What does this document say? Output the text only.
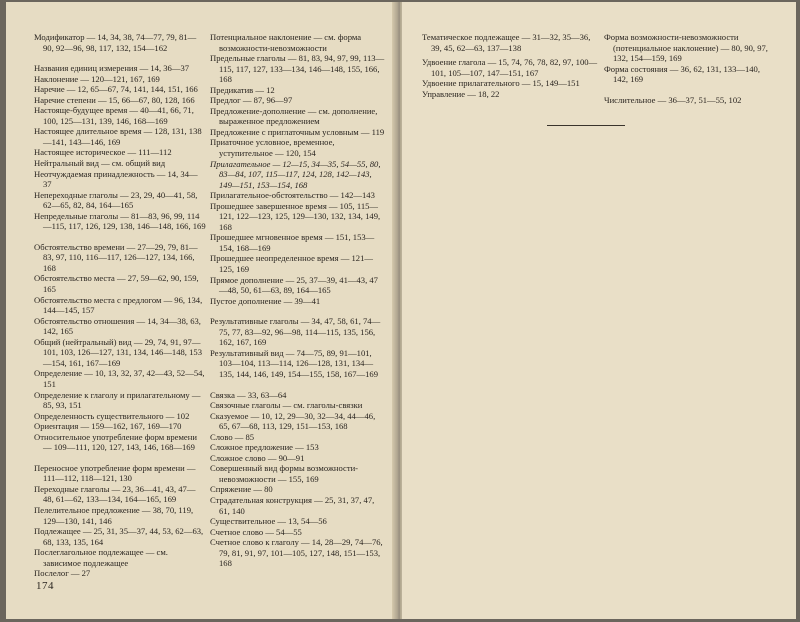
Модификатор — 14, 34, 38, 74—77, 79, 81—90, 92—96, 98, 117, 132, 154—162

Названия единиц измерения — 14, 36—37

Наклонение — 120—121, 167, 169

Наречие — 12, 65—67, 74, 141, 144, 151, 166

Наречие степени — 15, 66—67, 80, 128, 166

Настояще-будущее время — 40—41, 66, 71, 100, 125—131, 139, 146, 168—169

Настоящее длительное время — 128, 131, 138—141, 143—146, 169

Настоящее историческое — 111—112

Нейтральный вид — см. общий вид

Неотчуждаемая принадлежность — 14, 34—37

Непереходные глаголы — 23, 29, 40—41, 58, 62—65, 82, 84, 164—165

Непредельные глаголы — 81—83, 96, 99, 114—115, 117, 126, 129, 138, 146—148, 166, 169

Обстоятельство времени — 27—29, 79, 81—83, 97, 110, 116—117, 126—127, 134, 166, 168

Обстоятельство места — 27, 59—62, 90, 159, 165

Обстоятельство места с предлогом — 96, 134, 144—145, 157

Обстоятельство отношения — 14, 34—38, 63, 142, 165

Общий (нейтральный) вид — 29, 74, 91, 97—101, 103, 126—127, 131, 134, 146—148, 153—154, 161, 167—169

Определение — 10, 13, 32, 37, 42—43, 52—54, 151

Определение к глаголу и прилагательному — 85, 93, 151

Определенность существительного — 102

Ориентация — 159—162, 167, 169—170

Относительное употребление форм времени — 109—111, 120, 127, 143, 146, 168—169

Переносное употребление форм времени — 111—112, 118—121, 130

Переходные глаголы — 23, 36—41, 43, 47—48, 61—62, 133—134, 164—165, 169

Пелелительное предложение — 38, 70, 119, 129—130, 141, 146

Подлежащее — 25, 31, 35—37, 44, 53, 62—63, 68, 133, 135, 164

Послеглагольное подлежащее — см. зависимое подлежащее

Послелог — 27

Потенциальное наклонение — см. форма возможности-невозможности

Предельные глаголы — 81, 83, 94, 97, 99, 113—115, 117, 127, 133—134, 146—148, 155, 166, 168

Предикатив — 12

Предлог — 87, 96—97

Предложение-дополнение — см. дополнение, выраженное предложением

Предложение с приглаточным условным — 119

Приаточное условное, временное, уступительное — 120, 154

Прилагательное — 12—15, 34—35, 54—55, 80, 83—84, 107, 115—117, 124, 128, 142—143, 149—151, 153—154, 168

Прилагательное-обстоятельство — 142—143

Прошедшее завершенное время — 105, 115—121, 122—123, 125, 129—130, 132, 134, 149, 168

Прошедшее мгновенное время — 151, 153—154, 168—169

Прошедшее неопределенное время — 121—125, 169

Прямое дополнение — 25, 37—39, 41—43, 47—48, 50, 61—63, 89, 164—165

Пустое дополнение — 39—41

Результативные глаголы — 34, 47, 58, 61, 74—75, 77, 83—92, 96—98, 114—115, 135, 156, 162, 167, 169

Результативный вид — 74—75, 89, 91—101, 103—104, 113—114, 126—128, 131, 134—135, 144, 146, 149, 154—155, 158, 167—169

Связка — 33, 63—64

Связочные глаголы — см. глаголы-связки

Сказуемое — 10, 12, 29—30, 32—34, 44—46, 65, 67—68, 113, 129, 151—153, 168

Слово — 85

Сложное предложение — 153

Сложное слово — 90—91

Совершенный вид формы возможности-невозможности — 155, 169

Спряжение — 80

Страдательная конструкция — 25, 31, 37, 47, 61, 140

Существительное — 13, 54—56

Счетное слово — 54—55

Счетное слово к глаголу — 14, 28—29, 74—76, 79, 81, 91, 97, 101—105, 127, 148, 151—153, 168

174

Тематическое подлежащее — 31—32, 35—36, 39, 45, 62—63, 137—138

Удвоение глагола — 15, 74, 76, 78, 82, 97, 100—101, 105—107, 147—151, 167

Удвоение прилагательного — 15, 149—151

Управление — 18, 22

Форма возможности-невозможности (потенциальное наклонение) — 80, 90, 97, 132, 154—159, 169

Форма состояния — 36, 62, 131, 133—140, 142, 169

Числительное — 36—37, 51—55, 102
